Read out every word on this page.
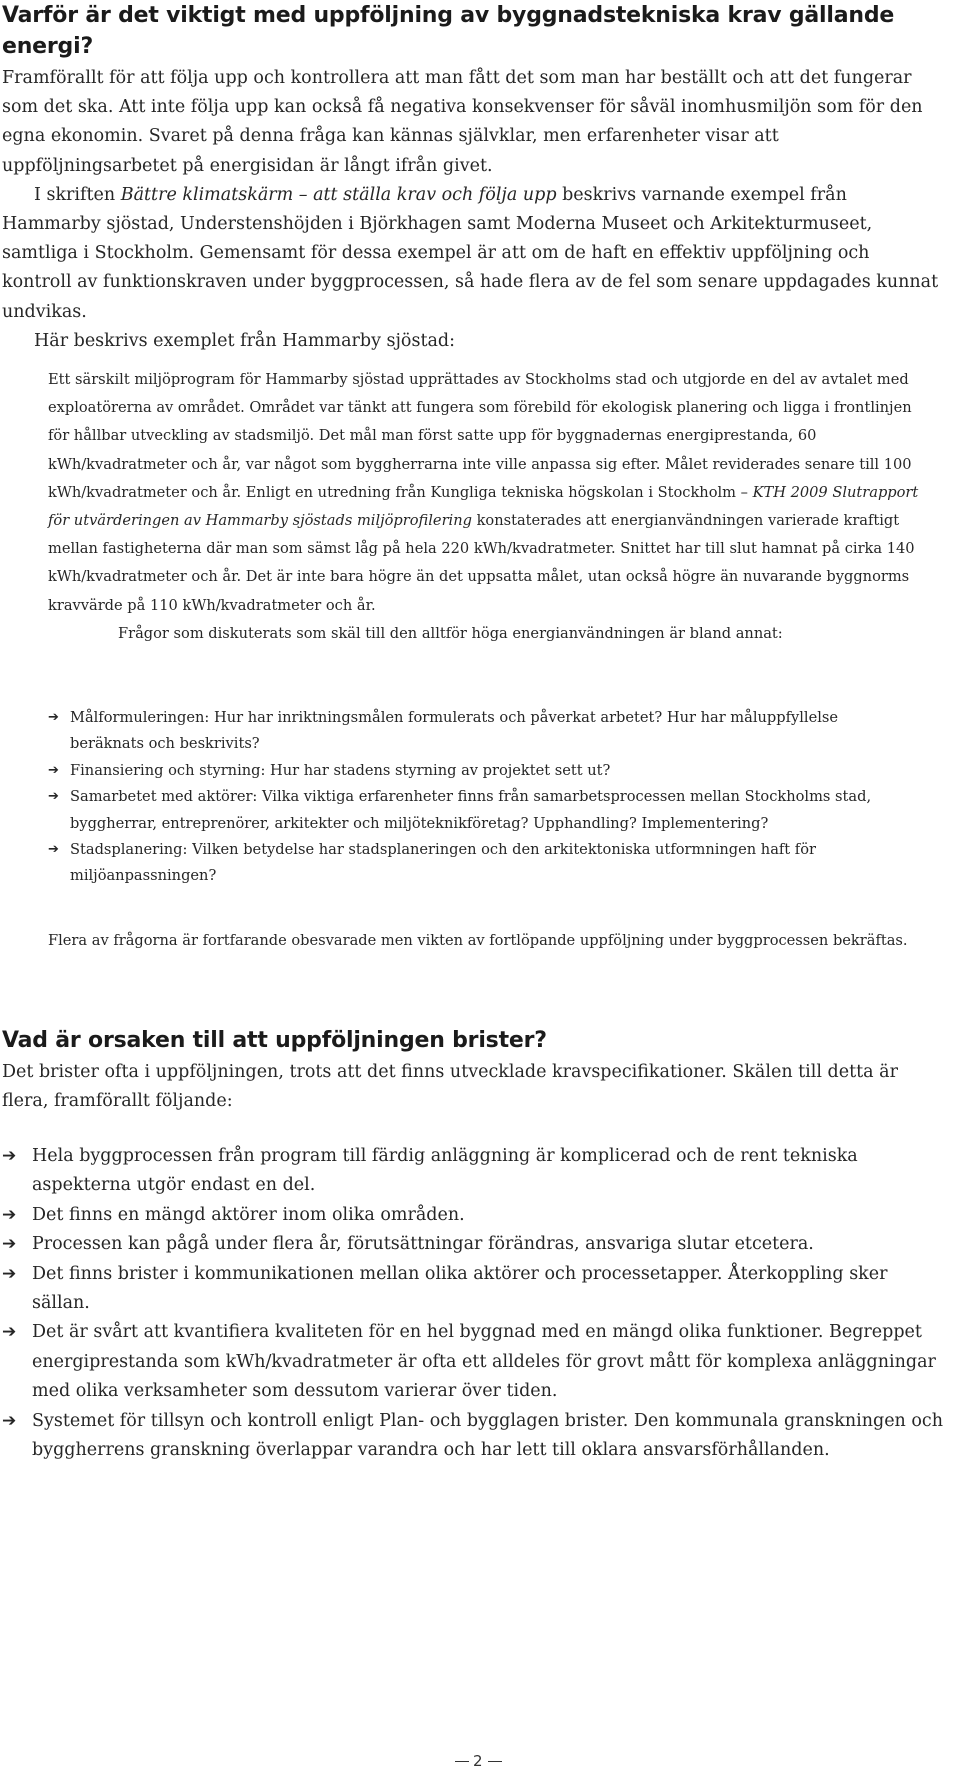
Varför är det viktigt med uppföljning av byggnadstekniska krav gällande energi?

Framförallt för att följa upp och kontrollera att man fått det som man har beställt och att det fungerar som det ska. Att inte följa upp kan också få negativa konsekvenser för såväl inomhusmiljön som för den egna ekonomin. Svaret på denna fråga kan kännas självklar, men erfarenheter visar att uppföljningsarbetet på energisidan är långt ifrån givet.

I skriften Bättre klimatskärm – att ställa krav och följa upp beskrivs varnande exempel från Hammarby sjöstad, Understenshöjden i Björkhagen samt Moderna Museet och Arkitekturmuseet, samtliga i Stockholm. Gemensamt för dessa exempel är att om de haft en effektiv uppföljning och kontroll av funktionskraven under byggprocessen, så hade flera av de fel som senare uppdagades kunnat undvikas.

Här beskrivs exemplet från Hammarby sjöstad:

Ett särskilt miljöprogram för Hammarby sjöstad upprättades av Stockholms stad och utgjorde en del av avtalet med exploatörerna av området. Området var tänkt att fungera som förebild för ekologisk planering och ligga i frontlinjen för hållbar utveckling av stadsmiljö. Det mål man först satte upp för byggnadernas energiprestanda, 60 kWh/kvadratmeter och år, var något som byggherrarna inte ville anpassa sig efter. Målet reviderades senare till 100 kWh/kvadratmeter och år. Enligt en utredning från Kungliga tekniska högskolan i Stockholm – KTH 2009 Slutrapport för utvärderingen av Hammarby sjöstads miljöprofilering konstaterades att energianvändningen varierade kraftigt mellan fastigheterna där man som sämst låg på hela 220 kWh/kvadratmeter. Snittet har till slut hamnat på cirka 140 kWh/kvadratmeter och år. Det är inte bara högre än det uppsatta målet, utan också högre än nuvarande byggnorms kravvärde på 110 kWh/kvadratmeter och år.

Frågor som diskuterats som skäl till den alltför höga energianvändningen är bland annat:

➔ Målformuleringen: Hur har inriktningsmålen formulerats och påverkat arbetet? Hur har måluppfyllelse beräknats och beskrivits?
➔ Finansiering och styrning: Hur har stadens styrning av projektet sett ut?
➔ Samarbetet med aktörer: Vilka viktiga erfarenheter finns från samarbetsprocessen mellan Stockholms stad, byggherrar, entreprenörer, arkitekter och miljöteknikföretag? Upphandling? Implementering?
➔ Stadsplanering: Vilken betydelse har stadsplaneringen och den arkitektoniska utformningen haft för miljöanpassningen?
Flera av frågorna är fortfarande obesvarade men vikten av fortlöpande uppföljning under byggprocessen bekräftas.
Vad är orsaken till att uppföljningen brister?
Det brister ofta i uppföljningen, trots att det finns utvecklade kravspecifikationer. Skälen till detta är flera, framförallt följande:
➔ Hela byggprocessen från program till färdig anläggning är komplicerad och de rent tekniska aspekterna utgör endast en del.
➔ Det finns en mängd aktörer inom olika områden.
➔ Processen kan pågå under flera år, förutsättningar förändras, ansvariga slutar etcetera.
➔ Det finns brister i kommunikationen mellan olika aktörer och processetapper. Återkoppling sker sällan.
➔ Det är svårt att kvantifiera kvaliteten för en hel byggnad med en mängd olika funktioner. Begreppet energiprestanda som kWh/kvadratmeter är ofta ett alldeles för grovt mått för komplexa anläggningar med olika verksamheter som dessutom varierar över tiden.
➔ Systemet för tillsyn och kontroll enligt Plan- och bygglagen brister. Den kommunala granskningen och byggherrens granskning överlappar varandra och har lett till oklara ansvarsförhållanden.
2
